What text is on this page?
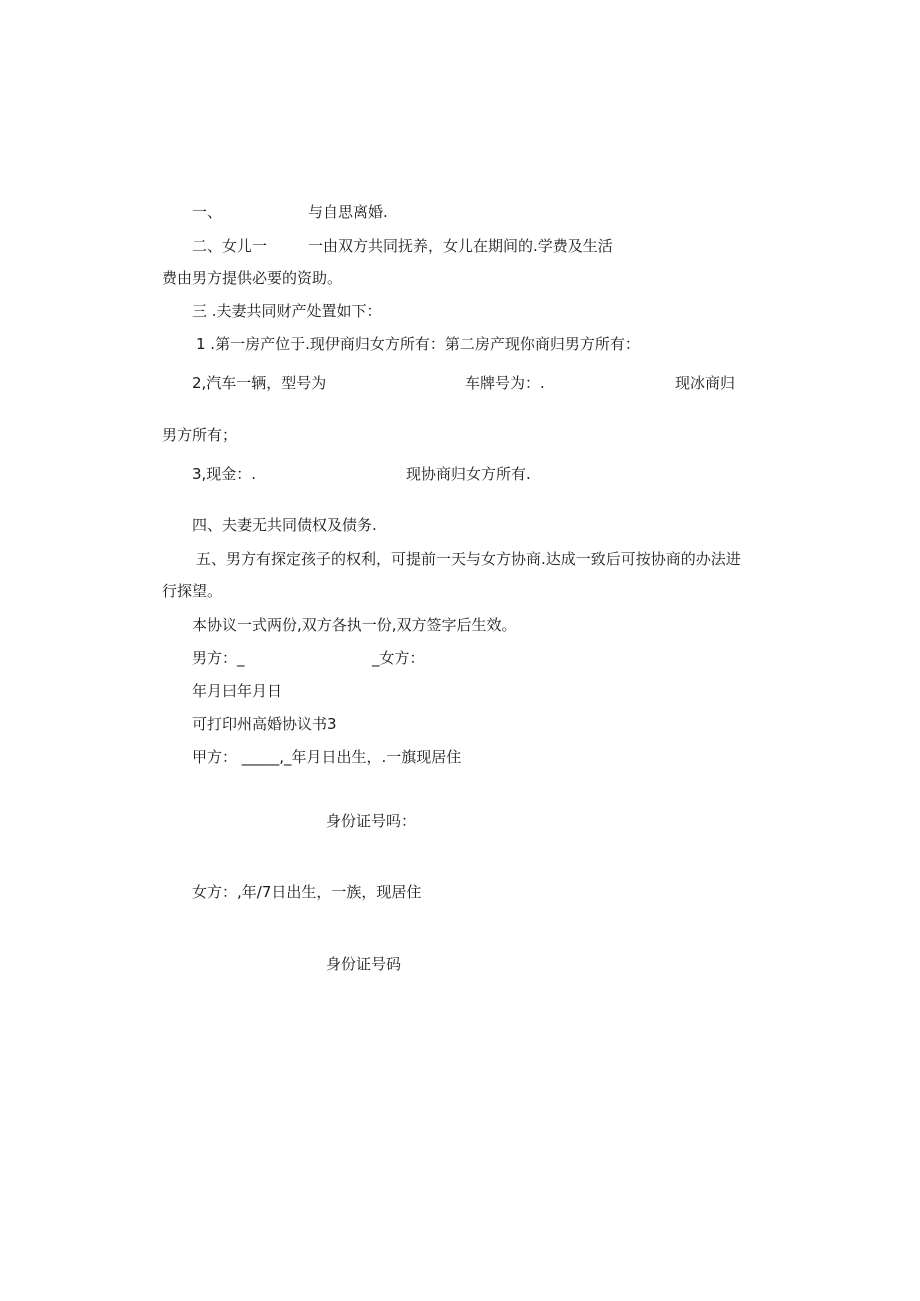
一、	与自思离婚.

二、女儿一	一由双方共同抚养，女儿在期间的.学费及生活

费由男方提供必要的资助。

三 .夫妻共同财产处置如下：

1 .第一房产位于.现伊商归女方所有：第二房产现你商归男方所有：

2,汽车一辆，型号为	车牌号为：.	现冰商归

男方所有；

3,现金：.	现协商归女方所有.

四、夫妻无共同债权及债务.

五、男方有探定孩子的权利，可提前一天与女方协商.达成一致后可按协商的办法进

行探望。

本协议一式两份,双方各执一份,双方签字后生效。

男方：_	_女方：

年月曰年月日

可打印州高婚协议书3

甲方： _____,_年月日出生，.一旗现居住

身份证号吗：

女方：,年/7日出生，一族，现居住

身份证号码
